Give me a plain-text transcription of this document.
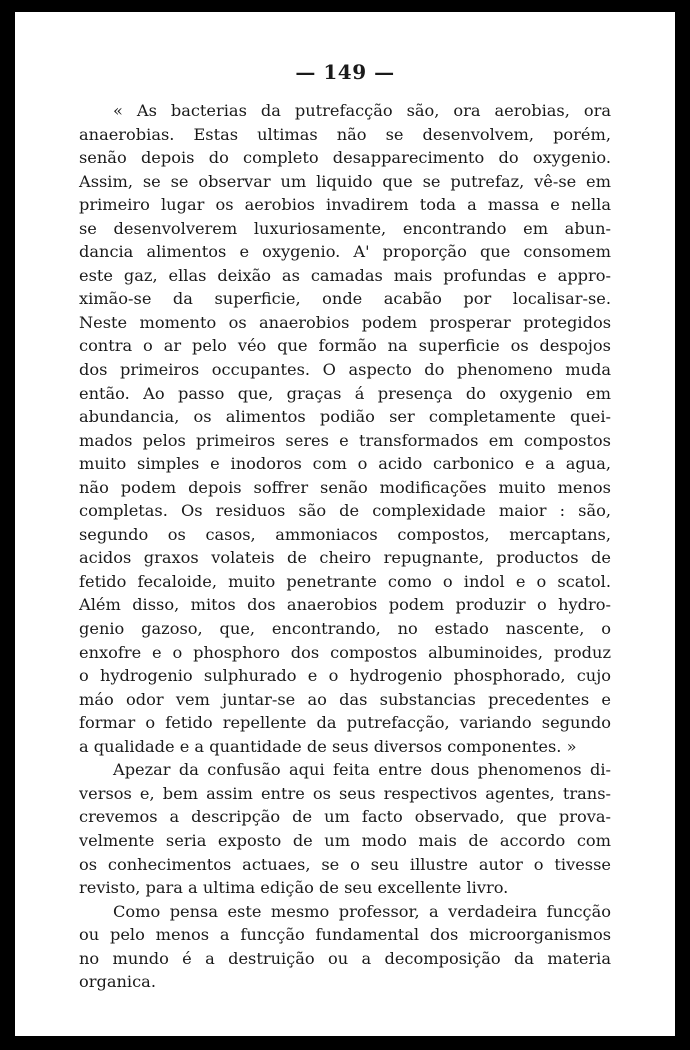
— 149 —
« As bacterias da putrefacção são, ora aerobias, ora
anaerobias. Estas ultimas não se desenvolvem, porém,
senão depois do completo desapparecimento do oxygenio.
Assim, se se observar um liquido que se putrefaz, vê-se em
primeiro lugar os aerobios invadirem toda a massa e nella
se desenvolverem luxuriosamente, encontrando em abun-
dancia alimentos e oxygenio. A' proporção que consomem
este gaz, ellas deixão as camadas mais profundas e appro-
ximão-se da superficie, onde acabão por localisar-se.
Neste momento os anaerobios podem prosperar protegidos
contra o ar pelo véo que formão na superficie os despojos
dos primeiros occupantes. O aspecto do phenomeno muda
então. Ao passo que, graças á presença do oxygenio em
abundancia, os alimentos podião ser completamente quei-
mados pelos primeiros seres e transformados em compostos
muito simples e inodoros com o acido carbonico e a agua,
não podem depois soffrer senão modificações muito menos
completas. Os residuos são de complexidade maior : são,
segundo os casos, ammoniacos compostos, mercaptans,
acidos graxos volateis de cheiro repugnante, productos de
fetido fecaloide, muito penetrante como o indol e o scatol.
Além disso, mitos dos anaerobios podem produzir o hydro-
genio gazoso, que, encontrando, no estado nascente, o
enxofre e o phosphoro dos compostos albuminoides, produz
o hydrogenio sulphurado e o hydrogenio phosphorado, cujo
máo odor vem juntar-se ao das substancias precedentes e
formar o fetido repellente da putrefacção, variando segundo
a qualidade e a quantidade de seus diversos componentes. »
Apezar da confusão aqui feita entre dous phenomenos di-
versos e, bem assim entre os seus respectivos agentes, trans-
crevemos a descripção de um facto observado, que prova-
velmente seria exposto de um modo mais de accordo com
os conhecimentos actuaes, se o seu illustre autor o tivesse
revisto, para a ultima edição de seu excellente livro.
Como pensa este mesmo professor, a verdadeira funcção
ou pelo menos a funcção fundamental dos microorganismos
no mundo é a destruição ou a decomposição da materia
organica.
